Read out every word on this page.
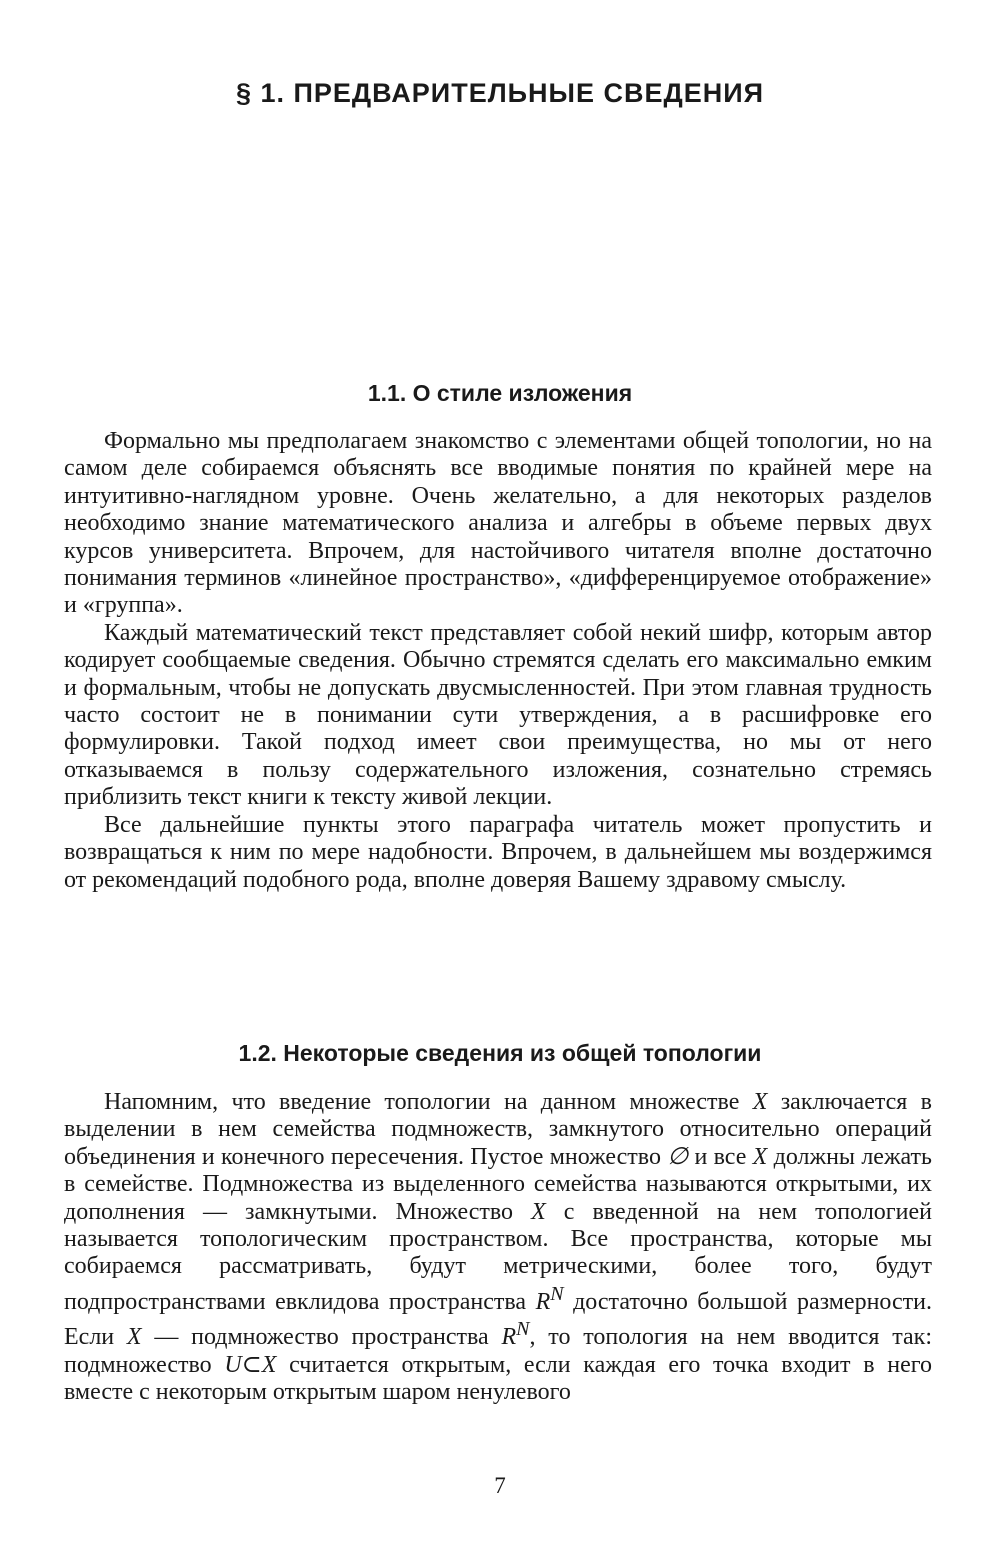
§ 1. ПРЕДВАРИТЕЛЬНЫЕ СВЕДЕНИЯ
1.1. О стиле изложения

Формально мы предполагаем знакомство с элементами общей топологии, но на самом деле собираемся объяснять все вводимые понятия по крайней мере на интуитивно-наглядном уровне. Очень желательно, а для некоторых разделов необходимо знание математического анализа и алгебры в объеме первых двух курсов университета. Впрочем, для настойчивого читателя вполне достаточно понимания терминов «линейное пространство», «дифференцируемое отображение» и «группа».

Каждый математический текст представляет собой некий шифр, которым автор кодирует сообщаемые сведения. Обычно стремятся сделать его максимально емким и формальным, чтобы не допускать двусмысленностей. При этом главная трудность часто состоит не в понимании сути утверждения, а в расшифровке его формулировки. Такой подход имеет свои преимущества, но мы от него отказываемся в пользу содержательного изложения, сознательно стремясь приблизить текст книги к тексту живой лекции.

Все дальнейшие пункты этого параграфа читатель может пропустить и возвращаться к ним по мере надобности. Впрочем, в дальнейшем мы воздержимся от рекомендаций подобного рода, вполне доверяя Вашему здравому смыслу.

1.2. Некоторые сведения из общей топологии

Напомним, что введение топологии на данном множестве X заключается в выделении в нем семейства подмножеств, замкнутого относительно операций объединения и конечного пересечения. Пустое множество ∅ и все X должны лежать в семействе. Подмножества из выделенного семейства называются открытыми, их дополнения — замкнутыми. Множество X с введенной на нем топологией называется топологическим пространством. Все пространства, которые мы собираемся рассматривать, будут метрическими, более того, будут подпространствами евклидова пространства $R^N$ достаточно большой размерности. Если X — подмножество пространства $R^N$, то топология на нем вводится так: подмножество U⊂X считается открытым, если каждая его точка входит в него вместе с некоторым открытым шаром ненулевого

7
